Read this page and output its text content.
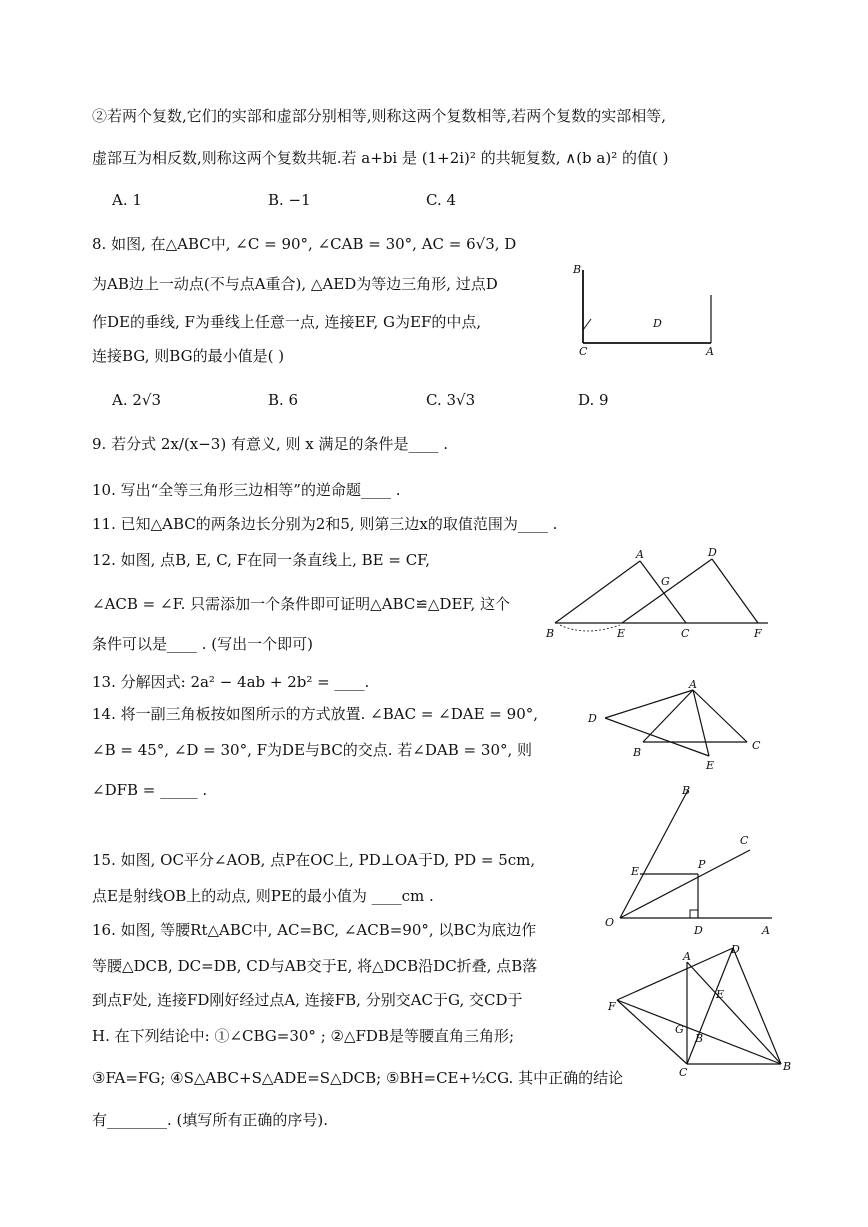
②若两个复数,它们的实部和虚部分别相等,则称这两个复数相等,若两个复数的实部相等,
虚部互为相反数,则称这两个复数共轭.若 a+bi 是 (1+2i)² 的共轭复数, ∧(b a)² 的值( )
A. 1	B. −1	C. 4
8. 如图, 在△ABC中, ∠C = 90°, ∠CAB = 30°, AC = 6√3, D
为AB边上一动点(不与点A重合), △AED为等边三角形, 过点D
作DE的垂线, F为垂线上任意一点, 连接EF, G为EF的中点,
连接BG, 则BG的最小值是( )
A. 2√3	B. 6	C. 3√3	D. 9
B
C	A
D
9. 若分式 2x/(x−3) 有意义, 则 x 满足的条件是____ .
10. 写出“全等三角形三边相等”的逆命题____ .
11. 已知△ABC的两条边长分别为2和5, 则第三边x的取值范围为____ .
12. 如图, 点B, E, C, F在同一条直线上, BE = CF,
∠ACB = ∠F. 只需添加一个条件即可证明△ABC≌△DEF, 这个
条件可以是____ . (写出一个即可)
A	D
G
B	E	C	F
13. 分解因式: 2a² − 4ab + 2b² = ____.
14. 将一副三角板按如图所示的方式放置. ∠BAC = ∠DAE = 90°,
∠B = 45°, ∠D = 30°, F为DE与BC的交点. 若∠DAB = 30°, 则
∠DFB = _____ .
A
D
B
C
E
15. 如图, OC平分∠AOB, 点P在OC上, PD⊥OA于D, PD = 5cm,
点E是射线OB上的动点, 则PE的最小值为 ____cm .
B
C
E
P
O
D	A
16. 如图, 等腰Rt△ABC中, AC=BC, ∠ACB=90°, 以BC为底边作
等腰△DCB, DC=DB, CD与AB交于E, 将△DCB沿DC折叠, 点B落
到点F处, 连接FD刚好经过点A, 连接FB, 分别交AC于G, 交CD于
H. 在下列结论中: ①∠CBG=30° ; ②△FDB是等腰直角三角形;
③FA=FG; ④S△ABC+S△ADE=S△DCB; ⑤BH=CE+½CG. 其中正确的结论
有________. (填写所有正确的序号).
A
D
E
F
G
B
C	B
